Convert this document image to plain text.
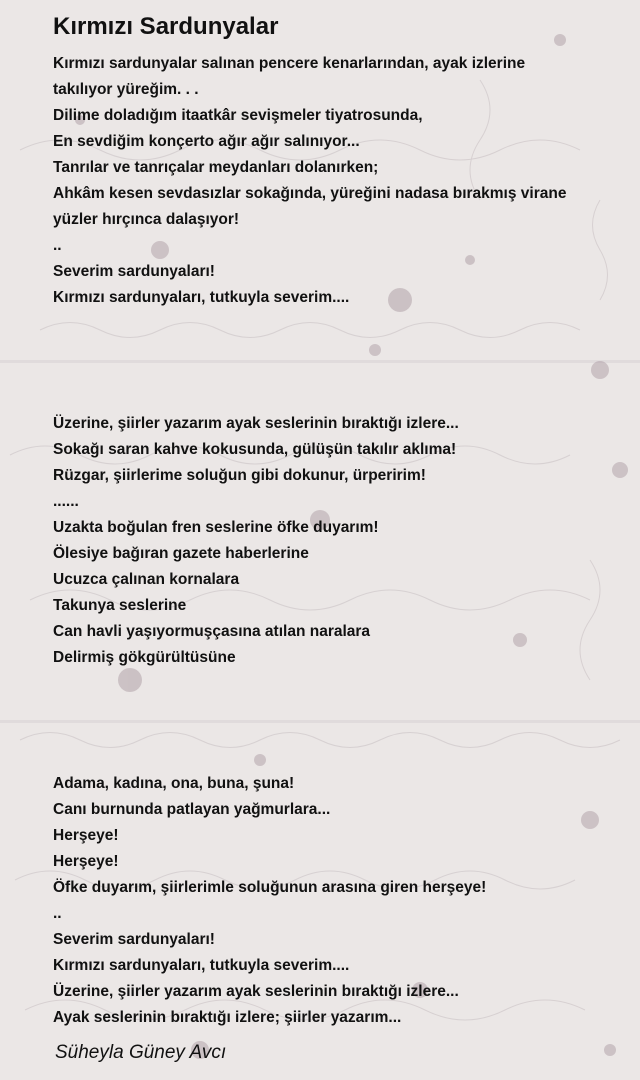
Kırmızı Sardunyalar
Kırmızı sardunyalar salınan pencere kenarlarından, ayak izlerine
takılıyor yüreğim. . .
Dilime doladığım itaatkâr sevişmeler tiyatrosunda,
En sevdiğim konçerto ağır ağır salınıyor...
Tanrılar ve tanrıçalar meydanları dolanırken;
Ahkâm kesen sevdasızlar sokağında, yüreğini nadasa bırakmış virane
yüzler hırçınca dalaşıyor!
..
Severim sardunyaları!
Kırmızı sardunyaları, tutkuyla severim....
Üzerine, şiirler yazarım ayak seslerinin bıraktığı izlere...
Sokağı saran kahve kokusunda, gülüşün takılır aklıma!
Rüzgar, şiirlerime soluğun gibi dokunur, ürperirim!
......
Uzakta boğulan fren seslerine öfke duyarım!
Ölesiye bağıran gazete haberlerine
Ucuzca çalınan kornalara
Takunya seslerine
Can havli yaşıyormuşçasına atılan naralara
Delirmiş gökgürültüsüne
Adama, kadına, ona, buna, şuna!
Canı burnunda patlayan yağmurlara...
Herşeye!
Herşeye!
Öfke duyarım, şiirlerimle soluğunun arasına giren herşeye!
..
Severim sardunyaları!
Kırmızı sardunyaları, tutkuyla severim....
Üzerine, şiirler yazarım ayak seslerinin bıraktığı izlere...
Ayak seslerinin bıraktığı izlere; şiirler yazarım...
Süheyla Güney Avcı
